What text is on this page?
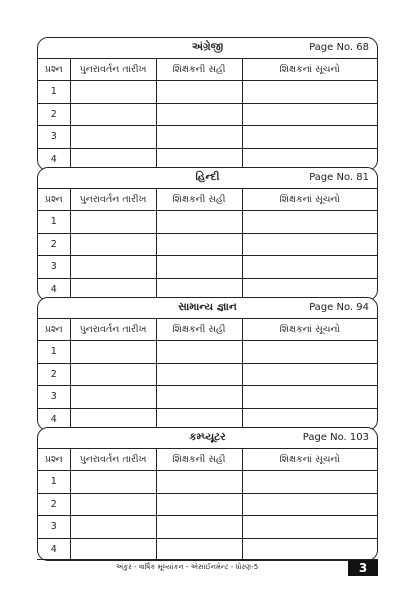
અંગ્રેજી	Page No. 68
પ્રશ્ન	પુનરાવર્તન તારીખ	શિક્ષકની સહી	શિક્ષકનાં સૂચનો
1			
2			
3			
4			
હિન્દી	Page No. 81
પ્રશ્ન	પુનરાવર્તન તારીખ	શિક્ષકની સહી	શિક્ષકનાં સૂચનો
1			
2			
3			
4			
સામાન્ય જ્ઞાન	Page No. 94
પ્રશ્ન	પુનરાવર્તન તારીખ	શિક્ષકની સહી	શિક્ષકનાં સૂચનો
1			
2			
3			
4			
કમ્પ્યૂટર	Page No. 103
પ્રશ્ન	પુનરાવર્તન તારીખ	શિક્ષકની સહી	શિક્ષકનાં સૂચનો
1			
2			
3			
4			
અંકુર - વાર્ષિક મૂલ્યાંકન - એસાઈનમેન્ટ - ધોરણ-5	3
